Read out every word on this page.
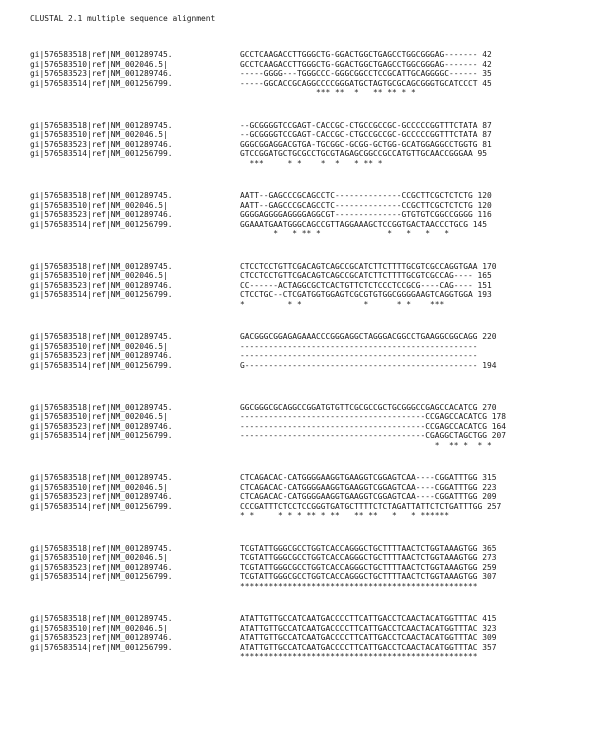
CLUSTAL 2.1 multiple sequence alignment
gi|576583518|ref|NM_001289745.	GCCTCAAGACCTTGGGCTG-GGACTGGCTGAGCCTGGCGGGAG------- 42
gi|576583510|ref|NM_002046.5|	GCCTCAAGACCTTGGGCTG-GGACTGGCTGAGCCTGGCGGGAG------- 42
gi|576583523|ref|NM_001289746.	-----GGGG---TGGGCCC-GGGCGGCCTCCGCATTGCAGGGGC------ 35
gi|576583514|ref|NM_001256799.	-----GGCACCGCAGGCCCCGGGATGCTAGTGCGCAGCGGGTGCATCCCT 45
*** **  *   ** ** * *
gi|576583518|ref|NM_001289745.	--GCGGGGTCCGAGT-CACCGC-CTGCCGCCGC-GCCCCCGGTTTCTATA 87
gi|576583510|ref|NM_002046.5|	--GCGGGGTCCGAGT-CACCGC-CTGCCGCCGC-GCCCCCGGTTTCTATA 87
gi|576583523|ref|NM_001289746.	GGGCGGAGGACGTGA-TGCGGC-GCGG-GCTGG-GCATGGAGGCCTGGTG 81
gi|576583514|ref|NM_001256799.	GTCCGGATGCTGCGCCTGCGTAGAGCGGCCGCCATGTTGCAACCGGGAA 95
***     * *    *  *   * ** *
gi|576583518|ref|NM_001289745.	AATT--GAGCCCGCAGCCTC--------------CCGCTTCGCTCTCTG 120
gi|576583510|ref|NM_002046.5|	AATT--GAGCCCGCAGCCTC--------------CCGCTTCGCTCTCTG 120
gi|576583523|ref|NM_001289746.	GGGGAGGGGAGGGGAGGCGT--------------GTGTGTCGGCCGGGG 116
gi|576583514|ref|NM_001256799.	GGAAATGAATGGGCAGCCGTTAGGAAAGCTCCGGTGACTAACCCTGCG 145
*   * ** *              *   *   *   *
gi|576583518|ref|NM_001289745.	CTCCTCCTGTTCGACAGTCAGCCGCATCTTCTTTTGCGTCGCCAGGTGAA 170
gi|576583510|ref|NM_002046.5|	CTCCTCCTGTTCGACAGTCAGCCGCATCTTCTTTTGCGTCGCCAG---- 165
gi|576583523|ref|NM_001289746.	CC------ACTAGGCGCTCACTGTTCTCTCCCTCCGCG----CAG---- 151
gi|576583514|ref|NM_001256799.	CTCCTGC--CTCGATGGTGGAGTCGCGTGTGGCGGGGAAGTCAGGTGGA 193
*         * *             *      * *    ***
gi|576583518|ref|NM_001289745.	GACGGGCGGAGAGAAACCCGGGAGGCTAGGGACGGCCTGAAGGCGGCAGG 220
gi|576583510|ref|NM_002046.5|	--------------------------------------------------
gi|576583523|ref|NM_001289746.	--------------------------------------------------
gi|576583514|ref|NM_001256799.	G------------------------------------------------- 194
gi|576583518|ref|NM_001289745.	GGCGGGCGCAGGCCGGATGTGTTCGCGCCGCTGCGGGCCGAGCCACATCG 270
gi|576583510|ref|NM_002046.5|	---------------------------------------CCGAGCCACATCG 178
gi|576583523|ref|NM_001289746.	---------------------------------------CCGAGCCACATCG 164
gi|576583514|ref|NM_001256799.	---------------------------------------CGAGGCTAGCTGG 207
*  ** *  * *
gi|576583518|ref|NM_001289745.	CTCAGACAC-CATGGGGAAGGTGAAGGTCGGAGTCAA----CGGATTTGG 315
gi|576583510|ref|NM_002046.5|	CTCAGACAC-CATGGGGAAGGTGAAGGTCGGAGTCAA----CGGATTTGG 223
gi|576583523|ref|NM_001289746.	CTCAGACAC-CATGGGGAAGGTGAAGGTCGGAGTCAA----CGGATTTGG 209
gi|576583514|ref|NM_001256799.	CCCGATTTCTCCTCCGGGTGATGCTTTTCTCTAGATTATTCTCTGATTTGG 257
* *     * * * ** * **   ** **   *   * ******
gi|576583518|ref|NM_001289745.	TCGTATTGGGCGCCTGGTCACCAGGGCTGCTTTTAACTCTGGTAAAGTGG 365
gi|576583510|ref|NM_002046.5|	TCGTATTGGGCGCCTGGTCACCAGGGCTGCTTTTAACTCTGGTAAAGTGG 273
gi|576583523|ref|NM_001289746.	TCGTATTGGGCGCCTGGTCACCAGGGCTGCTTTTAACTCTGGTAAAGTGG 259
gi|576583514|ref|NM_001256799.	TCGTATTGGGCGCCTGGTCACCAGGGCTGCTTTTAACTCTGGTAAAGTGG 307
**************************************************
gi|576583518|ref|NM_001289745.	ATATTGTTGCCATCAATGACCCCTTCATTGACCTCAACTACATGGTTTAC 415
gi|576583510|ref|NM_002046.5|	ATATTGTTGCCATCAATGACCCCTTCATTGACCTCAACTACATGGTTTAC 323
gi|576583523|ref|NM_001289746.	ATATTGTTGCCATCAATGACCCCTTCATTGACCTCAACTACATGGTTTAC 309
gi|576583514|ref|NM_001256799.	ATATTGTTGCCATCAATGACCCCTTCATTGACCTCAACTACATGGTTTAC 357
**************************************************
